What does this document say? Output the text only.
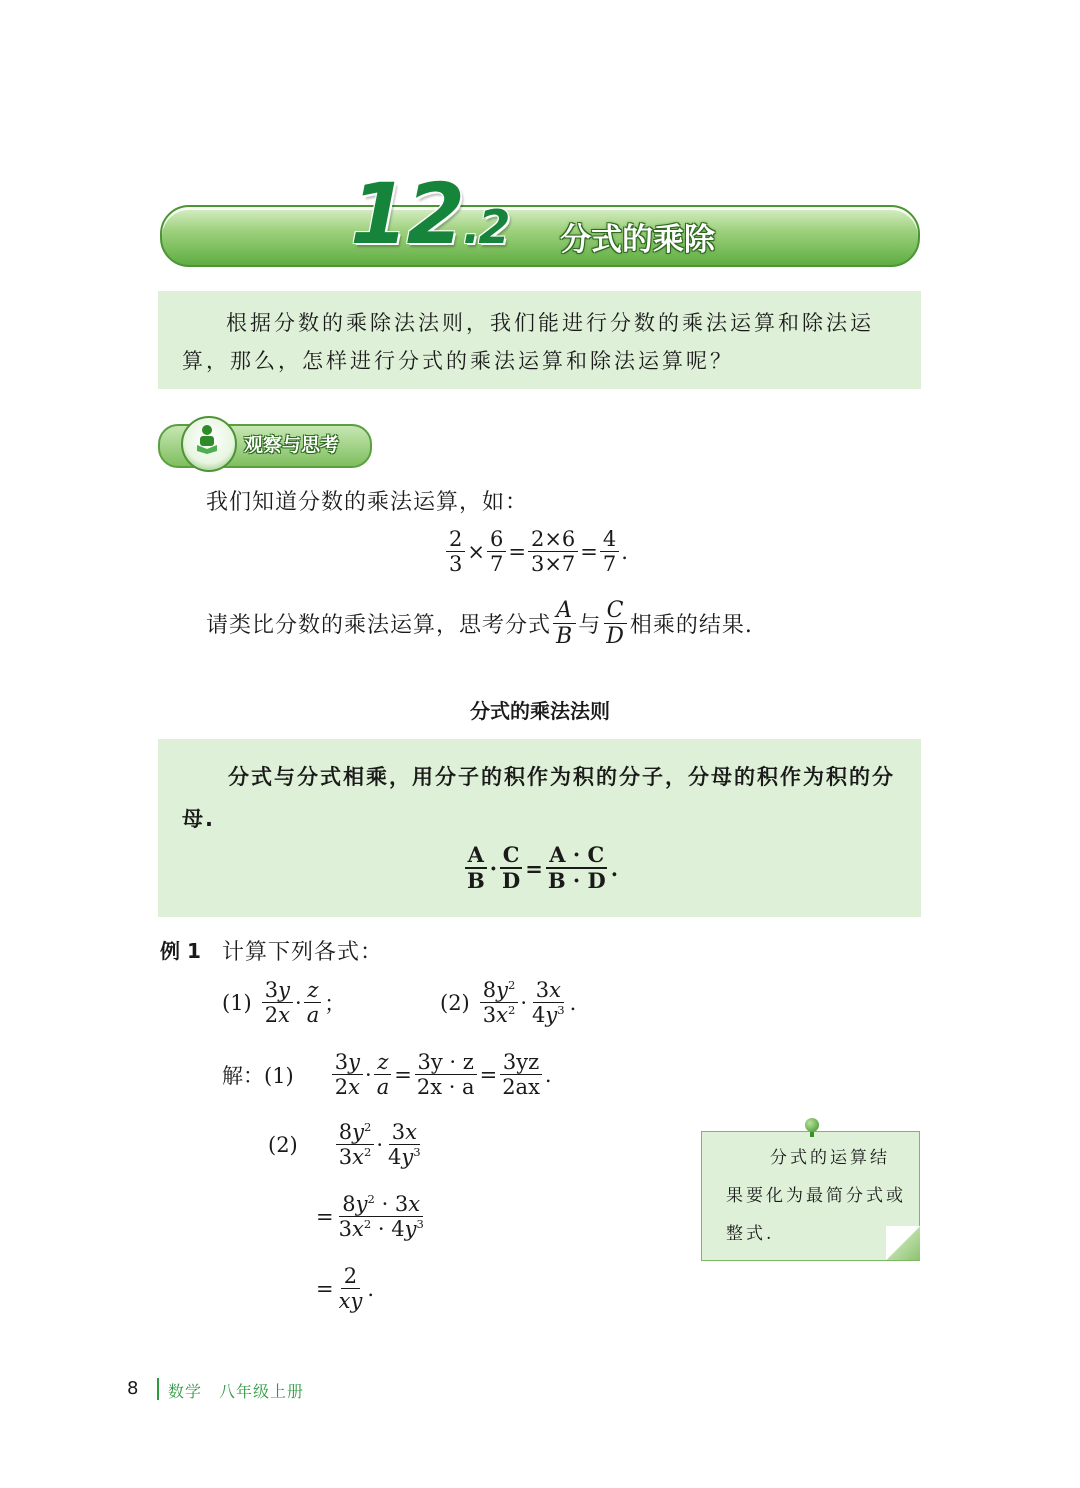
12.2 分式的乘除
根据分数的乘除法法则，我们能进行分数的乘法运算和除法运算，那么，怎样进行分式的乘法运算和除法运算呢？
观察与思考
我们知道分数的乘法运算，如：
$\frac{2}{3} \times \frac{6}{7} = \frac{2\times 6}{3\times 7} = \frac{4}{7}$ .
请类比分数的乘法运算，思考分式 $\frac{A}{B}$ 与 $\frac{C}{D}$ 相乘的结果.
分式的乘法法则
分式与分式相乘，用分子的积作为积的分子，分母的积作为积的分母.
$\frac{A}{B} \cdot \frac{C}{D} = \frac{A \cdot C}{B \cdot D}$ .
例 1 计算下列各式：
$(1) \frac{3y}{2x} \cdot \frac{z}{a}$ ；	$(2) \frac{8y^2}{3x^2} \cdot \frac{3x}{4y^3}$ .
解：$(1) \frac{3y}{2x} \cdot \frac{z}{a} = \frac{3y \cdot z}{2x \cdot a} = \frac{3yz}{2ax}$ .
$(2) \frac{8y^2}{3x^2} \cdot \frac{3x}{4y^3}$
= $\frac{8y^2 \cdot 3x}{3x^2 \cdot 4y^3}$
= $\frac{2}{xy}$ .
分式的运算结果要化为最简分式或整式.
8 数学　八年级上册
